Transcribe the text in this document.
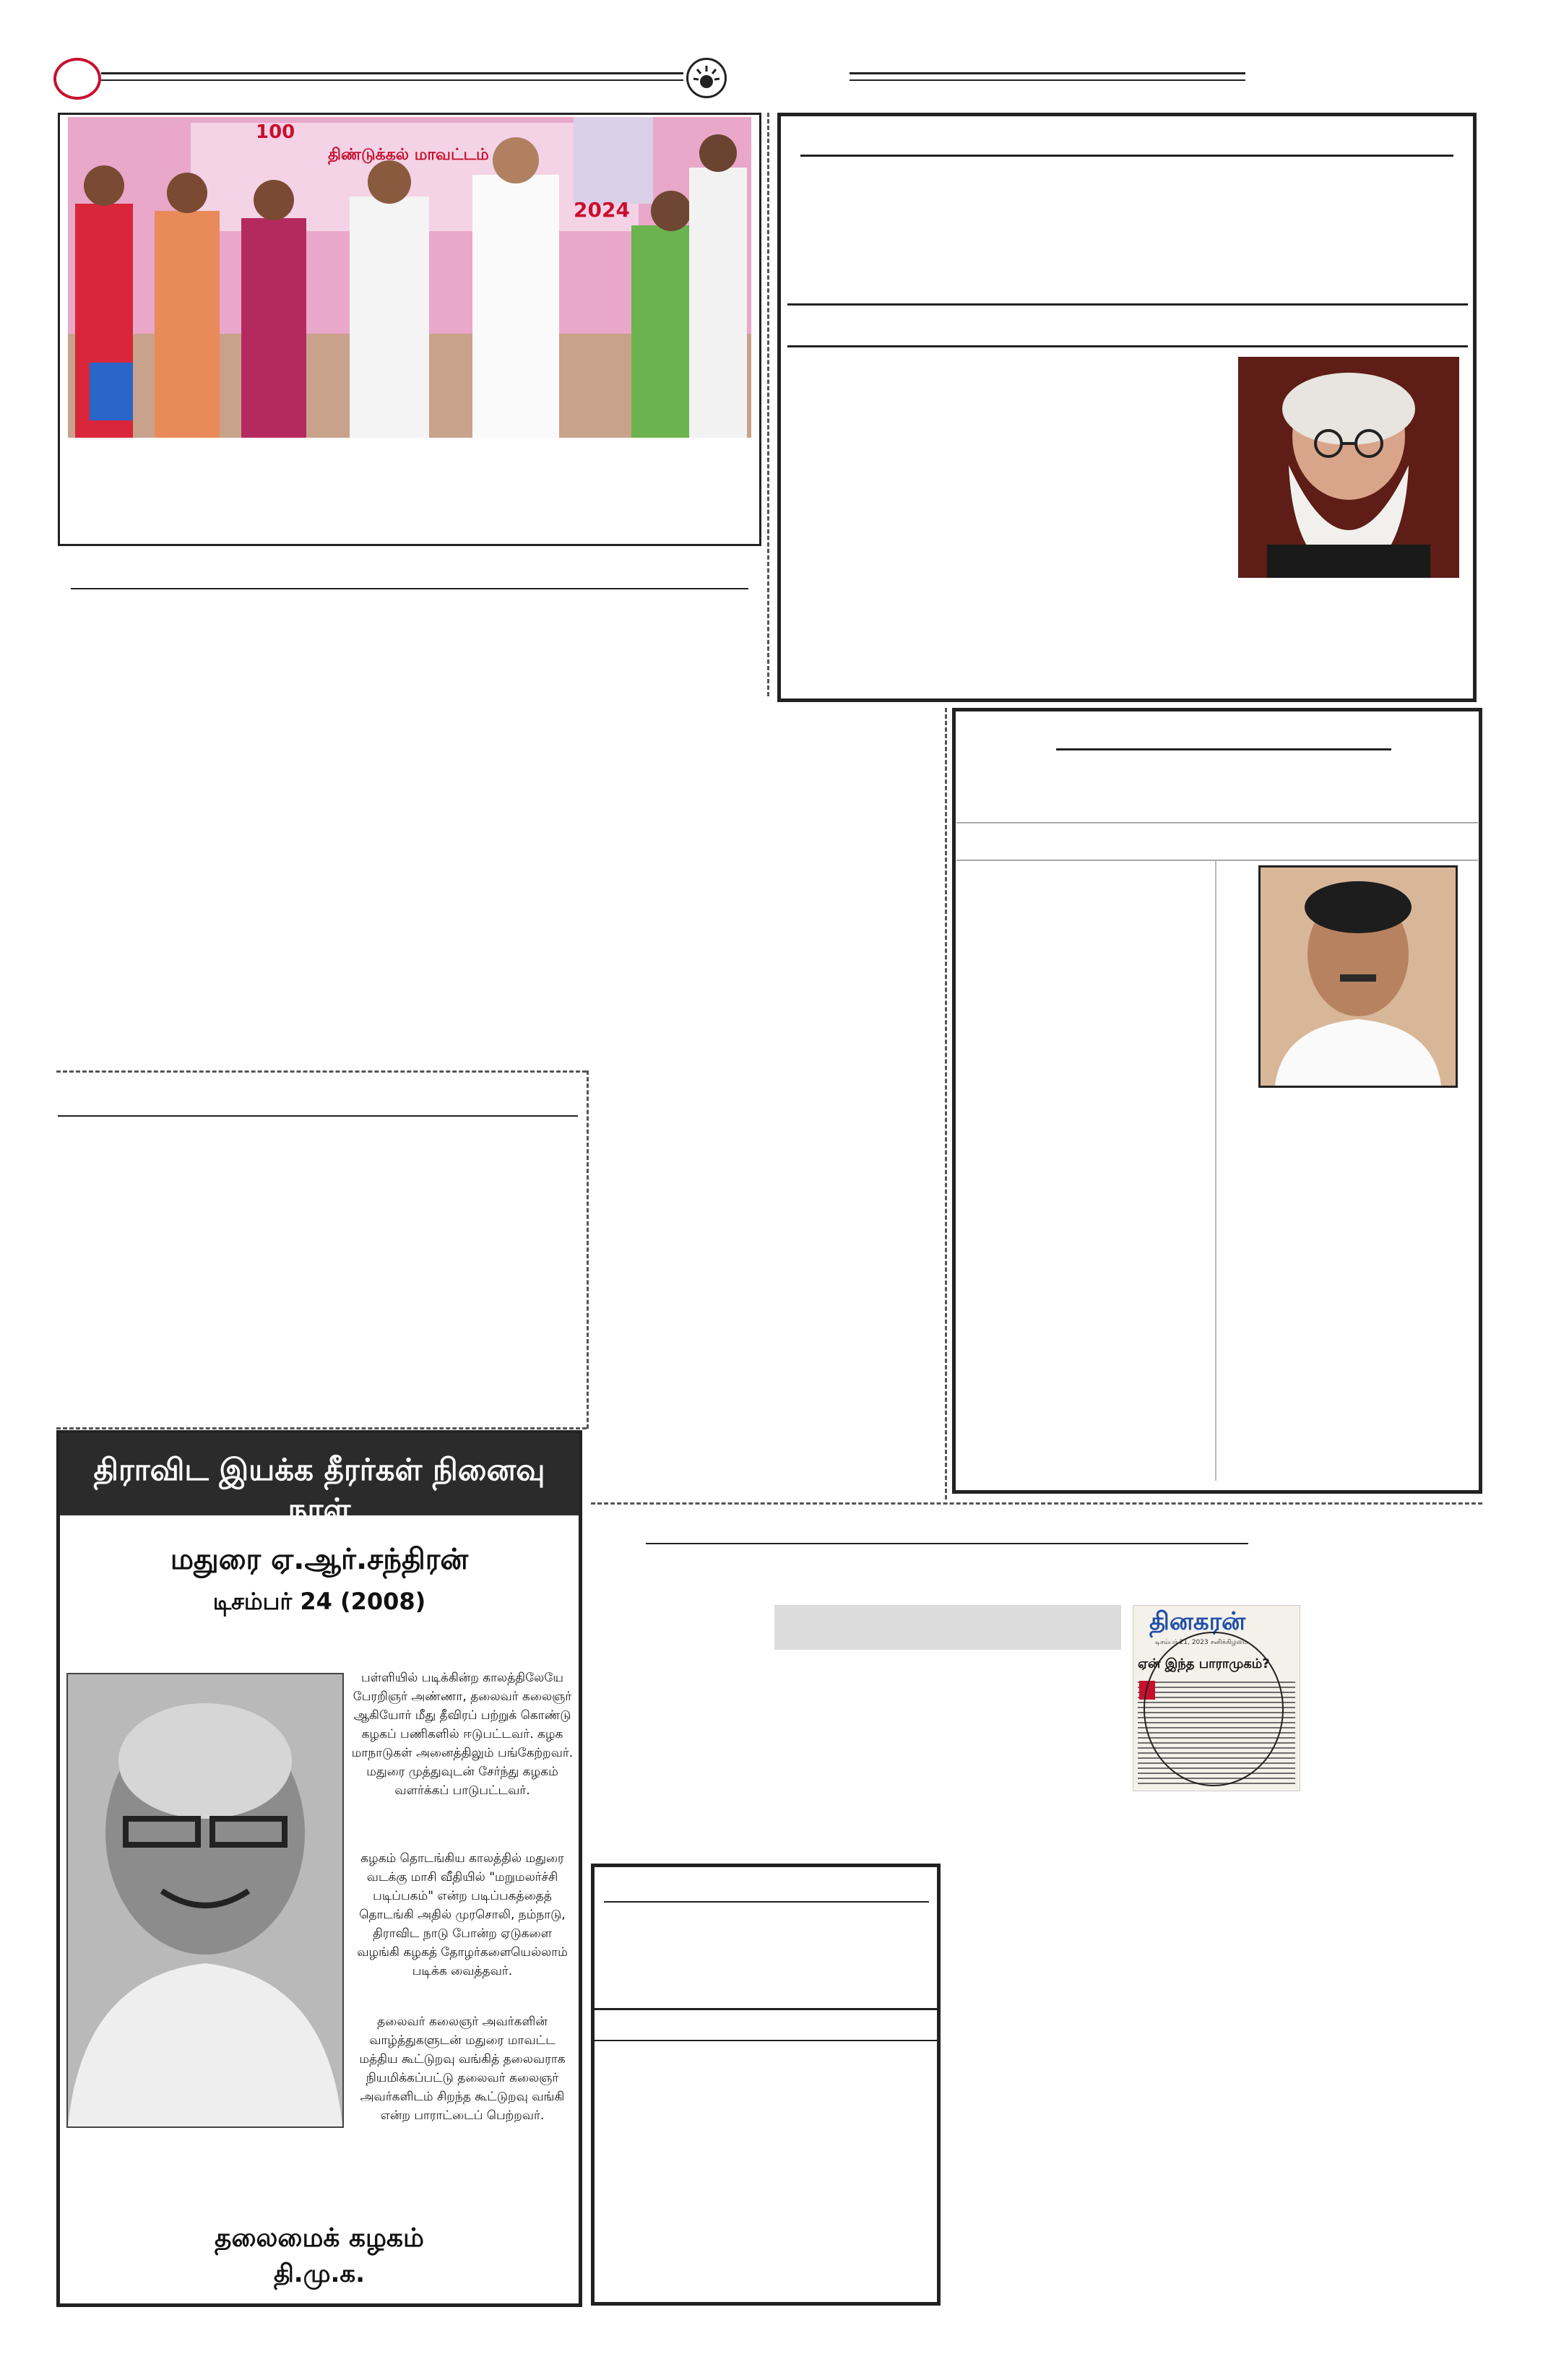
100
திண்டுக்கல் மாவட்டம்
2024
தினகரன்
டிசம்பர் 21, 2023 சனிக்கிழமை
ஏன் இந்த பாராமுகம்?
திராவிட இயக்க தீரர்கள் நினைவு நாள்
மதுரை ஏ.ஆர்.சந்திரன்
டிசம்பர் 24 (2008)
பள்ளியில் படிக்கின்ற காலத்திலேயே பேரறிஞர் அண்ணா, தலைவர் கலைஞர் ஆகியோர் மீது தீவிரப் பற்றுக் கொண்டு கழகப் பணிகளில் ஈடுபட்டவர். கழக மாநாடுகள் அனைத்திலும் பங்கேற்றவர். மதுரை முத்துவுடன் சேர்ந்து கழகம் வளர்க்கப் பாடுபட்டவர்.
கழகம் தொடங்கிய காலத்தில் மதுரை வடக்கு மாசி வீதியில் "மறுமலர்ச்சி படிப்பகம்" என்ற படிப்பகத்தைத் தொடங்கி அதில் முரசொலி, நம்நாடு, திராவிட நாடு போன்ற ஏடுகளை வழங்கி கழகத் தோழர்களையெல்லாம் படிக்க வைத்தவர்.
தலைவர் கலைஞர் அவர்களின் வாழ்த்துகளுடன் மதுரை மாவட்ட மத்திய கூட்டுறவு வங்கித் தலைவராக நியமிக்கப்பட்டு தலைவர் கலைஞர் அவர்களிடம் சிறந்த கூட்டுறவு வங்கி என்ற பாராட்டைப் பெற்றவர்.
தலைமைக் கழகம்
தி.மு.க.
